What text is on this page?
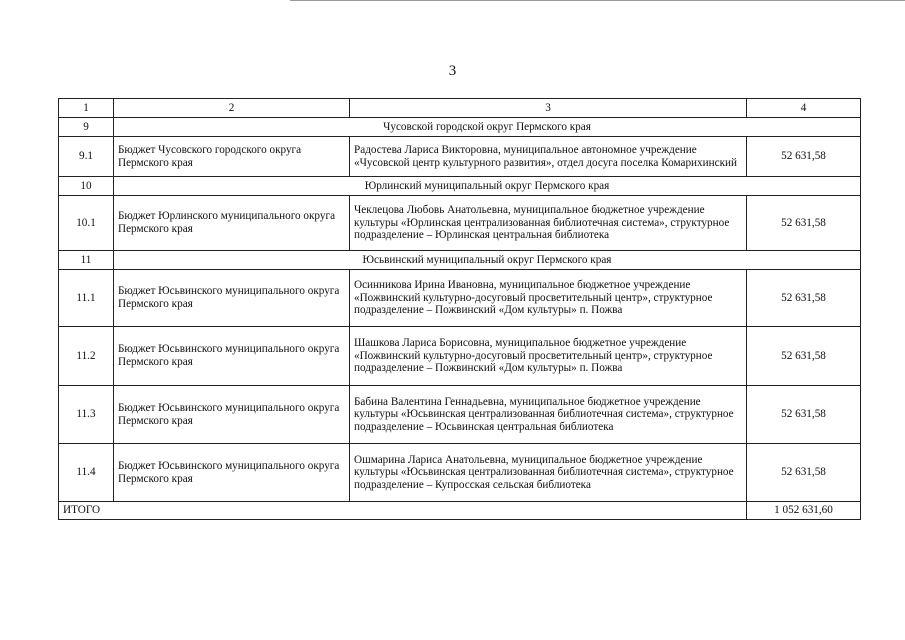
3
1	2	3	4
9	Чусовской городской округ Пермского края		
9.1	Бюджет Чусовского городского округа Пермского края	Радостева Лариса Викторовна, муниципальное автономное учреждение «Чусовской центр культурного развития», отдел досуга поселка Комарихинский	52 631,58
10	Юрлинский муниципальный округ Пермского края		
10.1	Бюджет Юрлинского муниципального округа Пермского края	Чеклецова Любовь Анатольевна, муниципальное бюджетное учреждение культуры «Юрлинская централизованная библиотечная система», структурное подразделение – Юрлинская центральная библиотека	52 631,58
11	Юсьвинский муниципальный округ Пермского края		
11.1	Бюджет Юсьвинского муниципального округа Пермского края	Осинникова Ирина Ивановна, муниципальное бюджетное учреждение «Пожвинский культурно-досуговый просветительный центр», структурное подразделение – Пожвинский «Дом культуры» п. Пожва	52 631,58
11.2	Бюджет Юсьвинского муниципального округа Пермского края	Шашкова Лариса Борисовна, муниципальное бюджетное учреждение «Пожвинский культурно-досуговый просветительный центр», структурное подразделение – Пожвинский «Дом культуры» п. Пожва	52 631,58
11.3	Бюджет Юсьвинского муниципального округа Пермского края	Бабина Валентина Геннадьевна, муниципальное бюджетное учреждение культуры «Юсьвинская централизованная библиотечная система», структурное подразделение – Юсьвинская центральная библиотека	52 631,58
11.4	Бюджет Юсьвинского муниципального округа Пермского края	Ошмарина Лариса Анатольевна, муниципальное бюджетное учреждение культуры «Юсьвинская централизованная библиотечная система», структурное подразделение – Купросская сельская библиотека	52 631,58
ИТОГО			1 052 631,60
